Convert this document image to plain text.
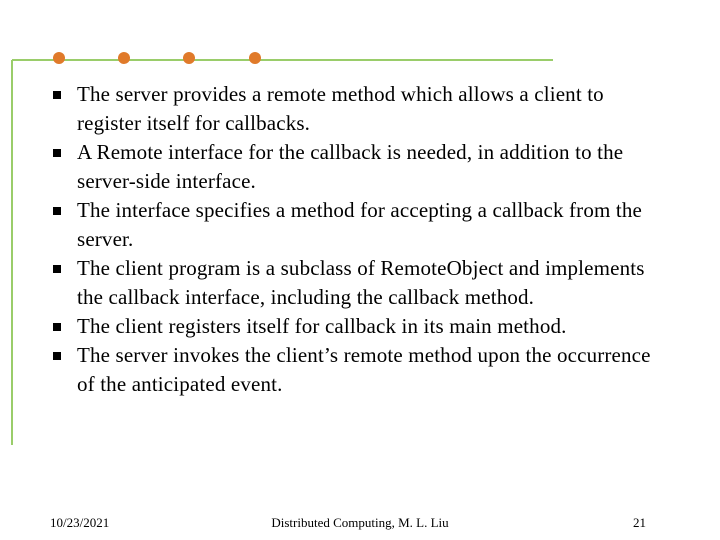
The server provides a remote method which allows a client to register itself for callbacks.
A Remote interface for the callback is needed, in addition to the server-side interface.
The interface specifies a method for accepting a callback from the server.
The client program is a subclass of RemoteObject and implements the callback interface, including the callback method.
The client registers itself for callback in its main method.
The server invokes the client’s remote method upon the occurrence of the anticipated event.
10/23/2021	Distributed Computing, M. L. Liu	21
